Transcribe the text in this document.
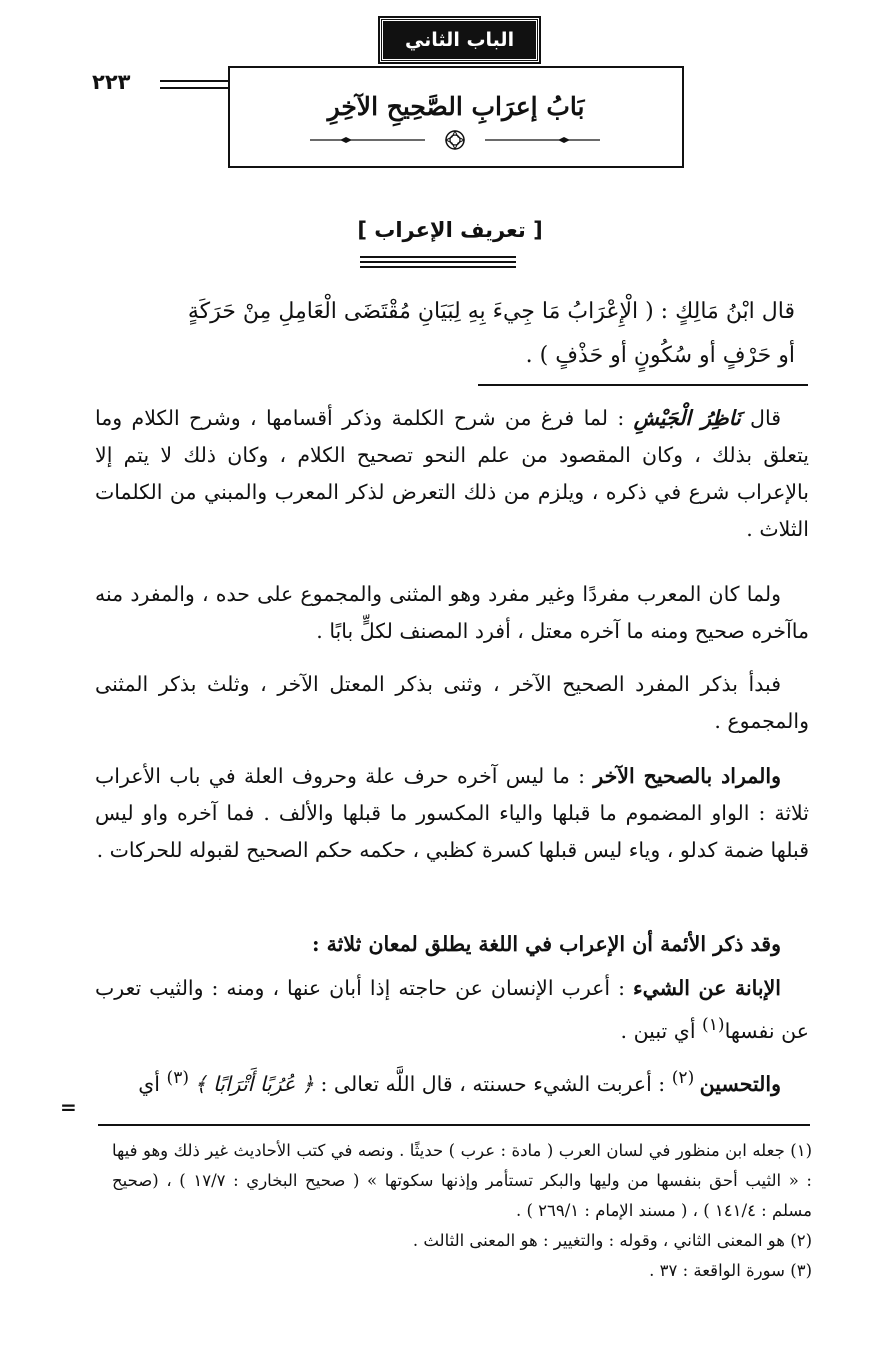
الباب الثاني
٢٢٣
بَابُ إعرَابِ الصَّحِيحِ الآخِرِ
[ تعريف الإعراب ]

قال ابْنُ مَالِكٍ : ( الْإِعْرَابُ مَا جِيءَ بِهِ لِبَيَانِ مُقْتَضَى الْعَامِلِ مِنْ حَرَكَةٍ

أو حَرْفٍ أو سُكُونٍ أو حَذْفٍ ) .

قال نَاظِرُ الْجَيْشِ : لما فرغ من شرح الكلمة وذكر أقسامها ، وشرح الكلام وما يتعلق بذلك ، وكان المقصود من علم النحو تصحيح الكلام ، وكان ذلك لا يتم إلا بالإعراب شرع في ذكره ، ويلزم من ذلك التعرض لذكر المعرب والمبني من الكلمات الثلاث .

ولما كان المعرب مفردًا وغير مفرد وهو المثنى والمجموع على حده ، والمفرد منه ماآخره صحيح ومنه ما آخره معتل ، أفرد المصنف لكلٍّ بابًا .

فبدأ بذكر المفرد الصحيح الآخر ، وثنى بذكر المعتل الآخر ، وثلث بذكر المثنى والمجموع .

والمراد بالصحيح الآخر : ما ليس آخره حرف علة وحروف العلة في باب الأعراب ثلاثة : الواو المضموم ما قبلها والياء المكسور ما قبلها والألف . فما آخره واو ليس قبلها ضمة كدلو ، وياء ليس قبلها كسرة كظبي ، حكمه حكم الصحيح لقبوله للحركات .

وقد ذكر الأئمة أن الإعراب في اللغة يطلق لمعان ثلاثة :

الإبانة عن الشيء : أعرب الإنسان عن حاجته إذا أبان عنها ، ومنه : والثيب تعرب عن نفسها$^{(١)}$ أي تبين .

والتحسين $^{(٢)}$ : أعربت الشيء حسنته ، قال اللَّه تعالى : ﴿ عُرُبًا أَتْرَابًا ﴾ $^{(٣)}$ أي

=

(١) جعله ابن منظور في لسان العرب ( مادة : عرب ) حديثًا . ونصه في كتب الأحاديث غير ذلك وهو فيها : « الثيب أحق بنفسها من وليها والبكر تستأمر وإذنها سكوتها » ( صحيح البخاري : ١٧/٧ ) ، (صحيح مسلم : ١٤١/٤ ) ، ( مسند الإمام : ٢٦٩/١ ) .

(٢) هو المعنى الثاني ، وقوله : والتغيير : هو المعنى الثالث .

(٣) سورة الواقعة : ٣٧ .
